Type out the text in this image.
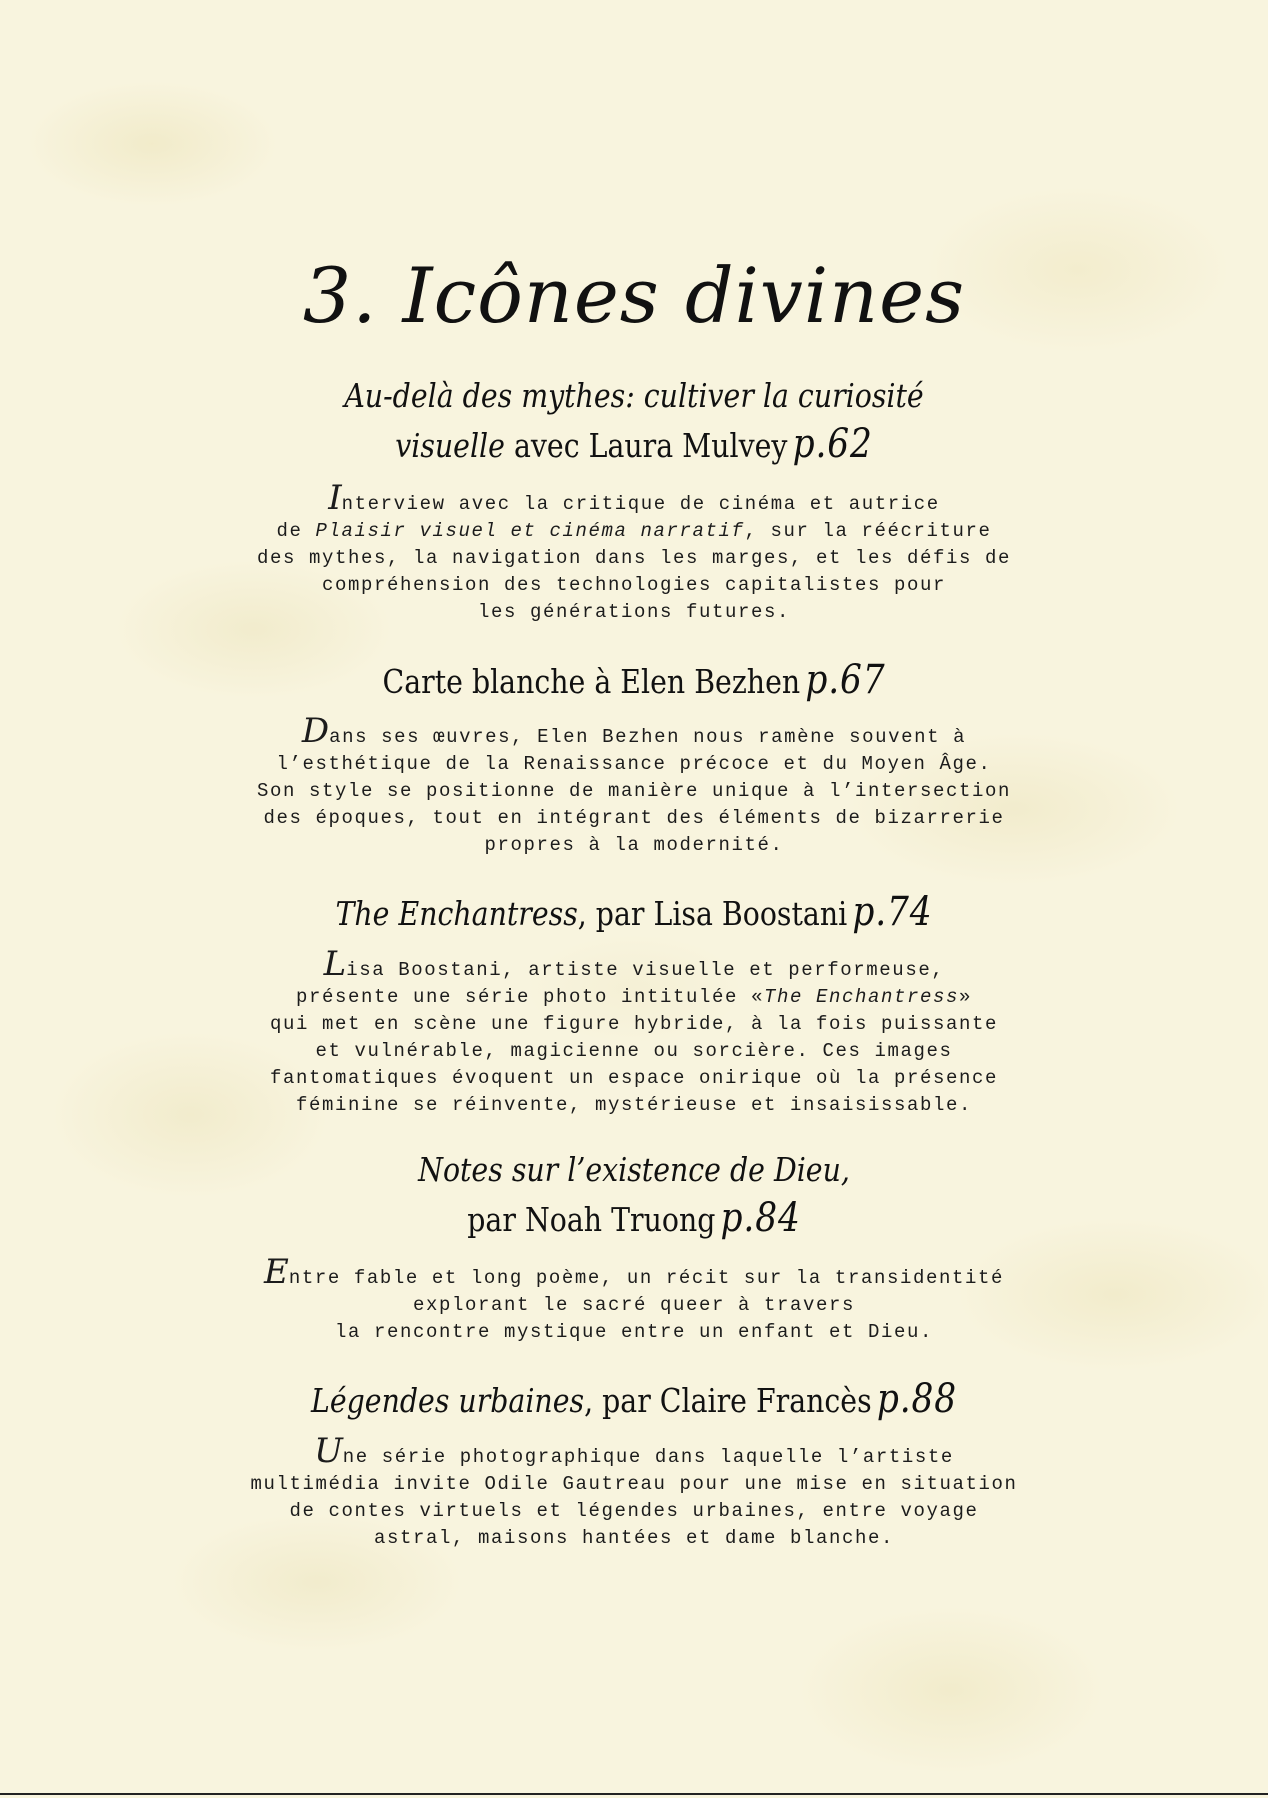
3. Icônes divines
Au-delà des mythes: cultiver la curiosité
visuelle avec Laura Mulvey p.62
Interview avec la critique de cinéma et autrice
de Plaisir visuel et cinéma narratif, sur la réécriture
des mythes, la navigation dans les marges, et les défis de
compréhension des technologies capitalistes pour
les générations futures.
Carte blanche à Elen Bezhen p.67
Dans ses œuvres, Elen Bezhen nous ramène souvent à
l’esthétique de la Renaissance précoce et du Moyen Âge.
Son style se positionne de manière unique à l’intersection
des époques, tout en intégrant des éléments de bizarrerie
propres à la modernité.
The Enchantress, par Lisa Boostani p.74
Lisa Boostani, artiste visuelle et performeuse,
présente une série photo intitulée «The Enchantress»
qui met en scène une figure hybride, à la fois puissante
et vulnérable, magicienne ou sorcière. Ces images
fantomatiques évoquent un espace onirique où la présence
féminine se réinvente, mystérieuse et insaisissable.
Notes sur l’existence de Dieu,
par Noah Truong p.84
Entre fable et long poème, un récit sur la transidentité
explorant le sacré queer à travers
la rencontre mystique entre un enfant et Dieu.
Légendes urbaines, par Claire Francès p.88
Une série photographique dans laquelle l’artiste
multimédia invite Odile Gautreau pour une mise en situation
de contes virtuels et légendes urbaines, entre voyage
astral, maisons hantées et dame blanche.
